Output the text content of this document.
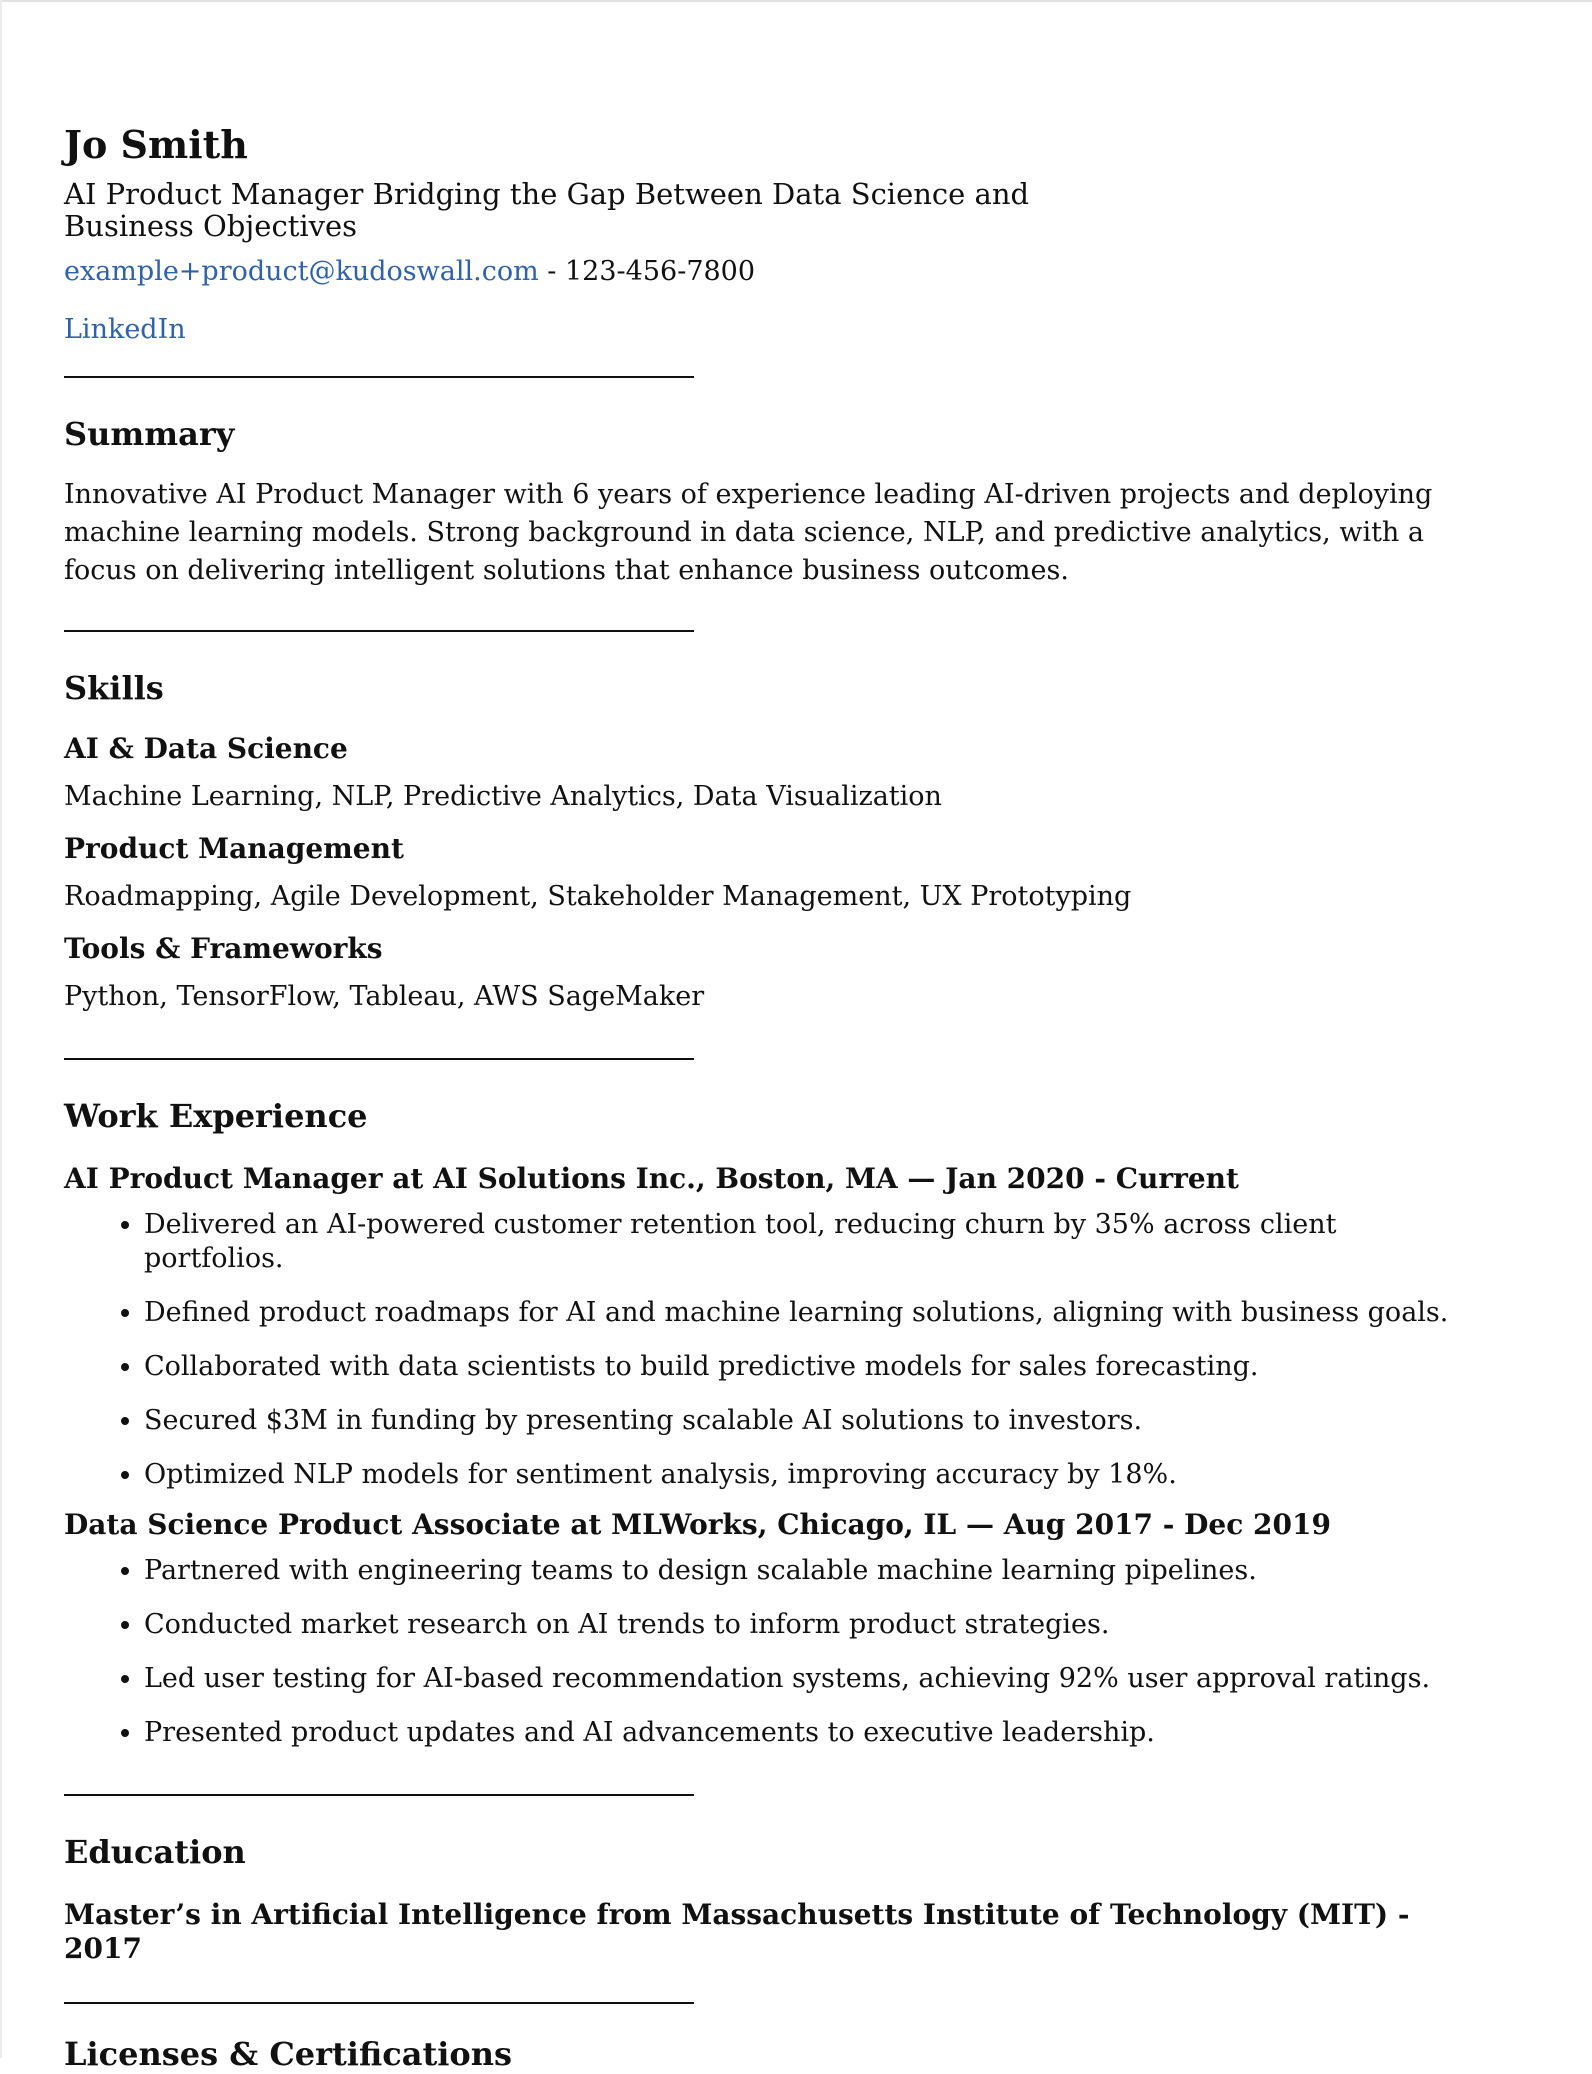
Jo Smith
AI Product Manager Bridging the Gap Between Data Science and Business Objectives
example+product@kudoswall.com - 123-456-7800
LinkedIn
Summary
Innovative AI Product Manager with 6 years of experience leading AI-driven projects and deploying machine learning models. Strong background in data science, NLP, and predictive analytics, with a focus on delivering intelligent solutions that enhance business outcomes.
Skills
AI & Data Science
Machine Learning, NLP, Predictive Analytics, Data Visualization
Product Management
Roadmapping, Agile Development, Stakeholder Management, UX Prototyping
Tools & Frameworks
Python, TensorFlow, Tableau, AWS SageMaker
Work Experience
AI Product Manager at AI Solutions Inc., Boston, MA — Jan 2020 - Current
• Delivered an AI-powered customer retention tool, reducing churn by 35% across client portfolios.
• Defined product roadmaps for AI and machine learning solutions, aligning with business goals.
• Collaborated with data scientists to build predictive models for sales forecasting.
• Secured $3M in funding by presenting scalable AI solutions to investors.
• Optimized NLP models for sentiment analysis, improving accuracy by 18%.
Data Science Product Associate at MLWorks, Chicago, IL — Aug 2017 - Dec 2019
• Partnered with engineering teams to design scalable machine learning pipelines.
• Conducted market research on AI trends to inform product strategies.
• Led user testing for AI-based recommendation systems, achieving 92% user approval ratings.
• Presented product updates and AI advancements to executive leadership.
Education
Master’s in Artificial Intelligence from Massachusetts Institute of Technology (MIT) - 2017
Licenses & Certifications
